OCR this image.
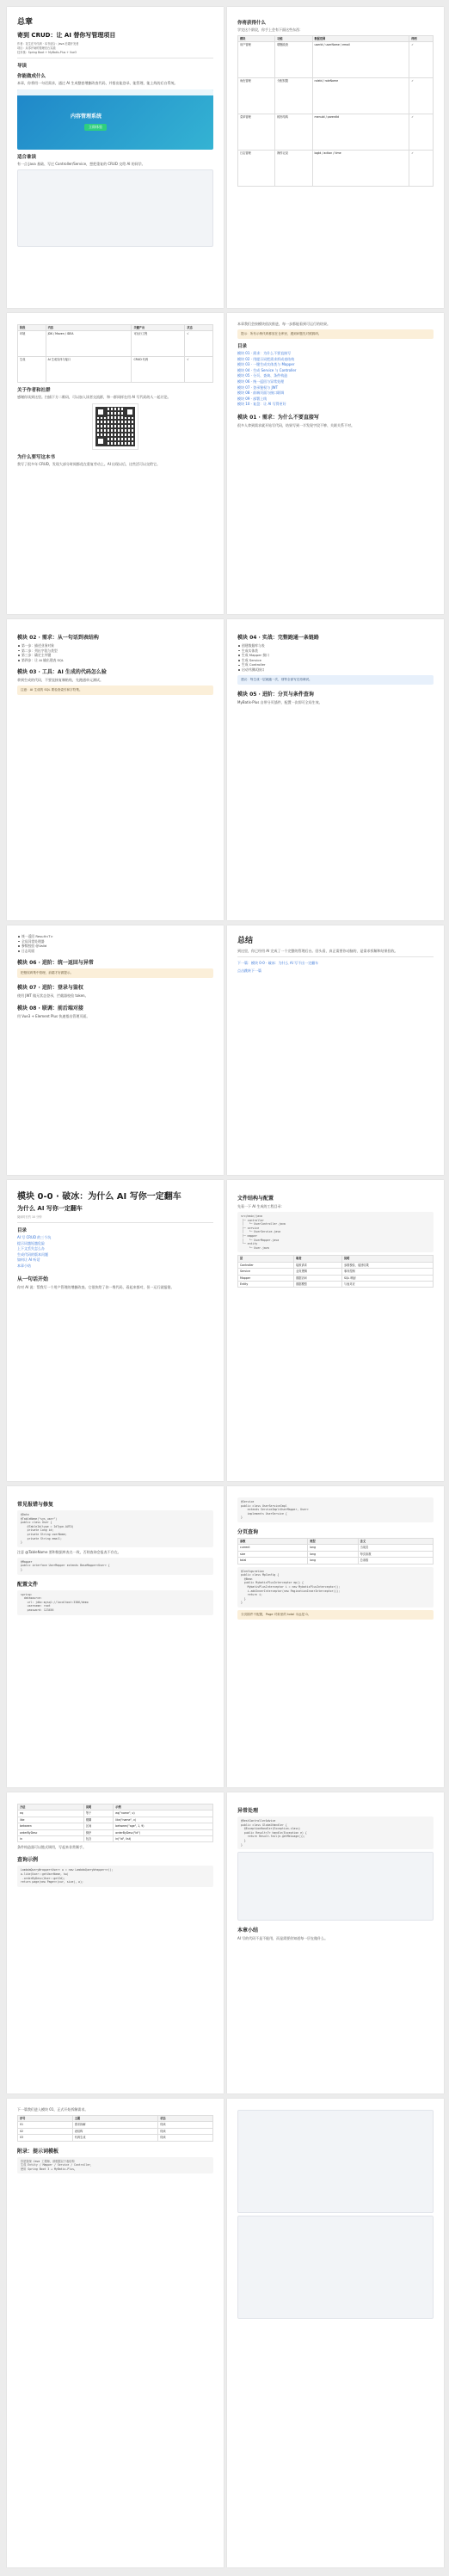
总章
寄到 CRUD：让 AI 替你写管理项目
作者：花生在写代码 · 本书适合：Java 后端开发者
项目：从零开始的管理后台实践
技术栈：Spring Boot + MyBatis-Plus + Vue3
导读
你能做成什么
本章，你将用一句话需求，通过 AI 生成整套增删改查代码，并搭出能登录、能管理、能上线的后台系统。
内容管理系统
立即体验
适合谁读
有一点 Java 基础、写过 Controller/Service，想把重复的 CRUD 交给 AI 的同学。
你将获得什么
学完这个阶段，你手上会有下面这些东西：
模块	功能	数据范围	样例
用户管理	增删改查	userId / userName / email	✓
角色管理	分配权限	roleId / roleName	✓
菜单管理	树形结构	menuId / parentId	✓
日志管理	操作记录	logId / action / time	✓
阶段	内容	关键产出	状态
环境	JDK / Maven / IDEA	可运行工程	√
生成	AI 生成实体与接口	CRUD 代码	√
关于作者和社群
感谢你读到这里。扫描下方二维码，可以加入读者交流群，和一群同样在用 AI 写代码的人一起讨论。
为什么要写这本书
我写了很多年 CRUD，发现大部分时间都花在重复劳动上。AI 出现以后，这些活可以交给它。
本章我们会按模块依次推进，每一步都能看到可运行的结果。
提示：所有示例代码都放在仓库里，遇到问题先对照源码。
目录
模块 01 · 需求：为什么不要直接写
模块 02 · 用提示词把需求拆成表结构
模块 03 · 一键生成实体类与 Mapper
模块 04 · 生成 Service 与 Controller
模块 05 · 分页、查询、条件构造
模块 06 · 统一返回与异常处理
模块 07 · 登录鉴权与 JWT
模块 08 · 前端页面与接口联调
模块 09 · 部署上线
模块 10 · 复盘：让 AI 写得更好
模块 01 · 需求：为什么不要直接写
很多人拿到需求就开始写代码，结果写到一半发现字段不够、关联关系不对。
模块 02 · 需求：从一句话到表结构
第一步：描述业务对象
第二步：列出字段与类型
第三步：确定主外键
第四步：让 AI 输出建表 SQL
模块 03 · 工具：AI 生成的代码怎么验
拿到生成的代码，不要直接复制粘贴，先跑通单元测试。
注意：AI 生成的 SQL 要检查索引和字符集。
模块 04 · 实战：完整跑通一条链路
创建数据库与表
生成实体类
生成 Mapper 接口
生成 Service
生成 Controller
启动并测试接口
建议：每生成一层就跑一次，别等全部写完再调试。
模块 05 · 进阶：分页与条件查询
MyBatis-Plus 自带分页插件，配置一次即可全局生效。
统一返回 Result<T>
全局异常处理器
参数校验 @Valid
日志切面
模块 06 · 进阶：统一返回与异常
把错误码集中管理，前端才好做提示。
模块 07 · 进阶：登录与鉴权
使用 JWT 做无状态登录，拦截器校验 token。
模块 08 · 联调：前后端对接
用 Vue3 + Element Plus 快速搭出管理页面。
总结
到这里，你已经用 AI 完成了一个完整的管理后台。回头看，真正需要你动脑的，是需求拆解和结果验收。
下一篇：模块 0-0 · 破冰：为什么 AI 写不出一定翻车
点击跳转下一篇
模块 0-0 · 破冰：为什么 AI 写你一定翻车
为什么 AI 写你一定翻车
阅读时长约 10 分钟
目录
AI 写 CRUD 的三个坑
提示词越短越危险
上下文丢失怎么办
生成代码的版本问题
如何让 AI 听话
本章小结
从一句话开始
你对 AI 说：帮我写一个用户管理的增删改查。它很快给了你一堆代码，看起来都对，但一运行就报错。
文件结构与配置
先看一下 AI 生成的工程目录：
src/main/java
├─ controller
│   └─ UserController.java
├─ service
│   └─ UserService.java
├─ mapper
│   └─ UserMapper.java
└─ entity
└─ User.java
层	职责	说明
Controller	接收请求	参数校验、返回结果
Service	业务逻辑	事务控制
Mapper	数据访问	SQL 映射
Entity	数据模型	与表对应
常见报错与修复
@Data
@TableName("sys_user")
public class User {
@TableId(type = IdType.AUTO)
private Long id;
private String userName;
private String email;
}
注意 @TableName 要和数据库表名一致，否则查询会报表不存在。
@Mapper
public interface UserMapper extends BaseMapper<User> {
}
配置文件
spring:
datasource:
url: jdbc:mysql://localhost:3306/demo
username: root
password: 123456
@Service
public class UserServiceImpl
extends ServiceImpl<UserMapper, User>
implements UserService {
}
分页查询
参数	类型	含义
current	long	当前页
size	long	每页条数
total	long	总条数
@Configuration
public class MpConfig {
@Bean
public MybatisPlusInterceptor mp() {
MybatisPlusInterceptor i = new MybatisPlusInterceptor();
i.addInnerInterceptor(new PaginationInnerInterceptor());
return i;
}
}
分页插件不配置，Page 对象里的 total 永远是 0。
方法	说明	示例
eq	等于	eq("name", v)
like	模糊	like("name", v)
between	区间	between("age", 1, 9)
orderByDesc	倒序	orderByDesc("id")
in	包含	in("id", list)
条件构造器可以链式调用，写起来非常顺手。
查询示例
LambdaQueryWrapper<User> w = new LambdaQueryWrapper<>();
w.like(User::getUserName, kw)
.orderByDesc(User::getId);
return page(new Page<>(cur, size), w);
异常处理
@RestControllerAdvice
public class GlobalHandler {
@ExceptionHandler(Exception.class)
public Result<?> handle(Exception e) {
return Result.fail(e.getMessage());
}
}
本章小结
AI 写的代码不是不能用，而是需要你知道每一层在做什么。
下一篇我们进入模块 01，正式开始拆解需求。
序号	主题	状态
01	需求拆解	待读
02	表结构	待读
03	代码生成	待读
附录：提示词模板
你是资深 Java 工程师，请根据以下表结构
生成 Entity / Mapper / Service / Controller，
使用 Spring Boot 3 + MyBatis-Plus。
